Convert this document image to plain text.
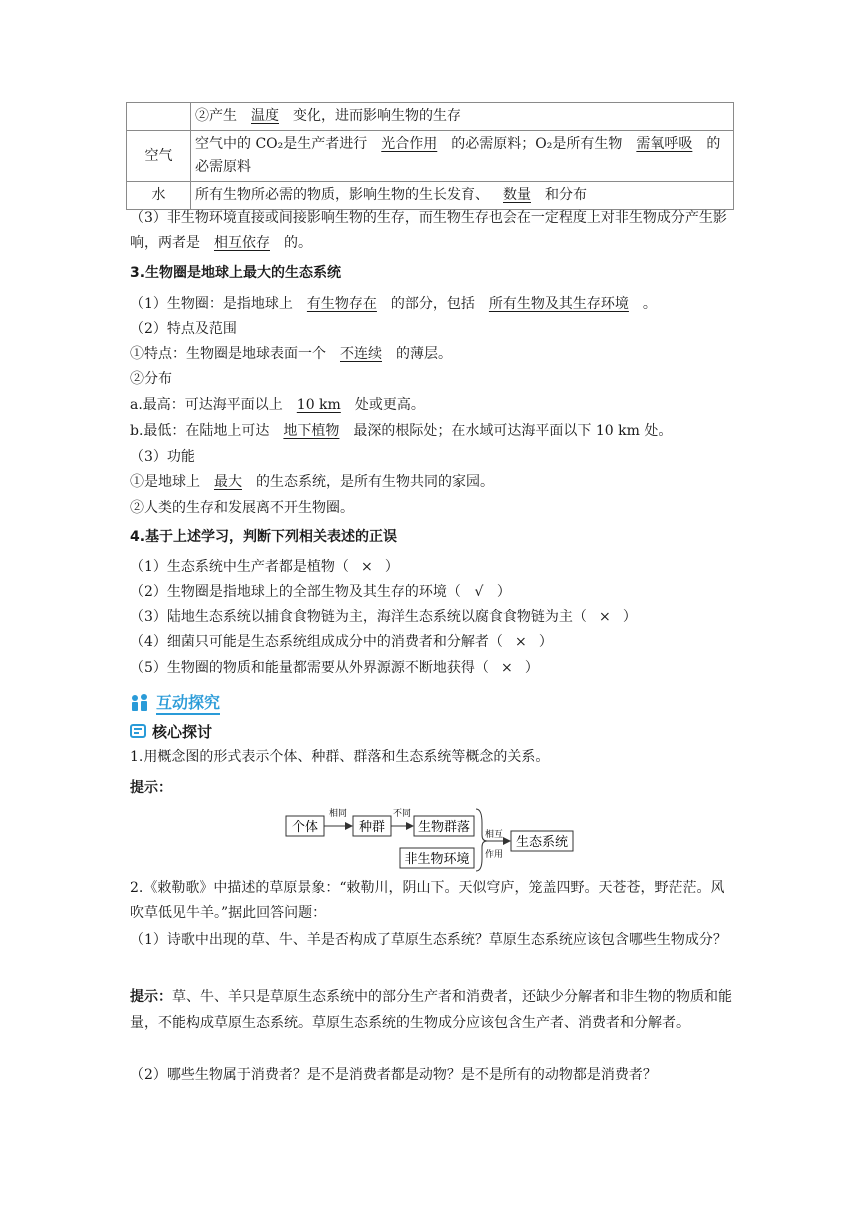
	②产生 温度 变化，进而影响生物的生存
空气	空气中的 CO₂是生产者进行 光合作用 的必需原料；O₂是所有生物 需氧呼吸 的必需原料
水	所有生物所必需的物质，影响生物的生长发育、 数量 和分布
（3）非生物环境直接或间接影响生物的生存，而生物生存也会在一定程度上对非生物成分产生影响，两者是 相互依存 的。
3.生物圈是地球上最大的生态系统
（1）生物圈：是指地球上 有生物存在 的部分，包括 所有生物及其生存环境 。
（2）特点及范围
①特点：生物圈是地球表面一个 不连续 的薄层。
②分布
a.最高：可达海平面以上 10 km 处或更高。
b.最低：在陆地上可达 地下植物 最深的根际处；在水域可达海平面以下 10 km 处。
（3）功能
①是地球上 最大 的生态系统，是所有生物共同的家园。
②人类的生存和发展离不开生物圈。
4.基于上述学习，判断下列相关表述的正误
（1）生态系统中生产者都是植物（ × ）
（2）生物圈是指地球上的全部生物及其生存的环境（ √ ）
（3）陆地生态系统以捕食食物链为主，海洋生态系统以腐食食物链为主（ × ）
（4）细菌只可能是生态系统组成成分中的消费者和分解者（ × ）
（5）生物圈的物质和能量都需要从外界源源不断地获得（ × ）
互动探究
核心探讨
1.用概念图的形式表示个体、种群、群落和生态系统等概念的关系。
提示：
个体
相同
种群
不同
生物群落
非生物环境
相互
作用
生态系统
2.《敕勒歌》中描述的草原景象：“敕勒川，阴山下。天似穹庐，笼盖四野。天苍苍，野茫茫。风吹草低见牛羊。”据此回答问题：
（1）诗歌中出现的草、牛、羊是否构成了草原生态系统？草原生态系统应该包含哪些生物成分？
提示：草、牛、羊只是草原生态系统中的部分生产者和消费者，还缺少分解者和非生物的物质和能量，不能构成草原生态系统。草原生态系统的生物成分应该包含生产者、消费者和分解者。
（2）哪些生物属于消费者？是不是消费者都是动物？是不是所有的动物都是消费者？
